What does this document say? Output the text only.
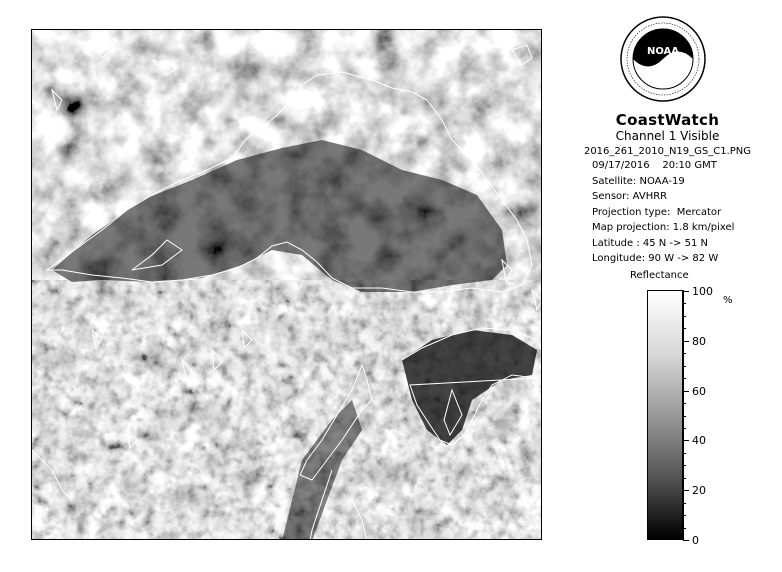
NOAA
CoastWatch
Channel 1 Visible
2016_261_2010_N19_GS_C1.PNG
09/17/2016    20:10 GMT
Satellite: NOAA-19
Sensor: AVHRR
Projection type:  Mercator
Map projection: 1.8 km/pixel
Latitude : 45 N -> 51 N
Longitude: 90 W -> 82 W
Reflectance
%
100
80
60
40
20
0
